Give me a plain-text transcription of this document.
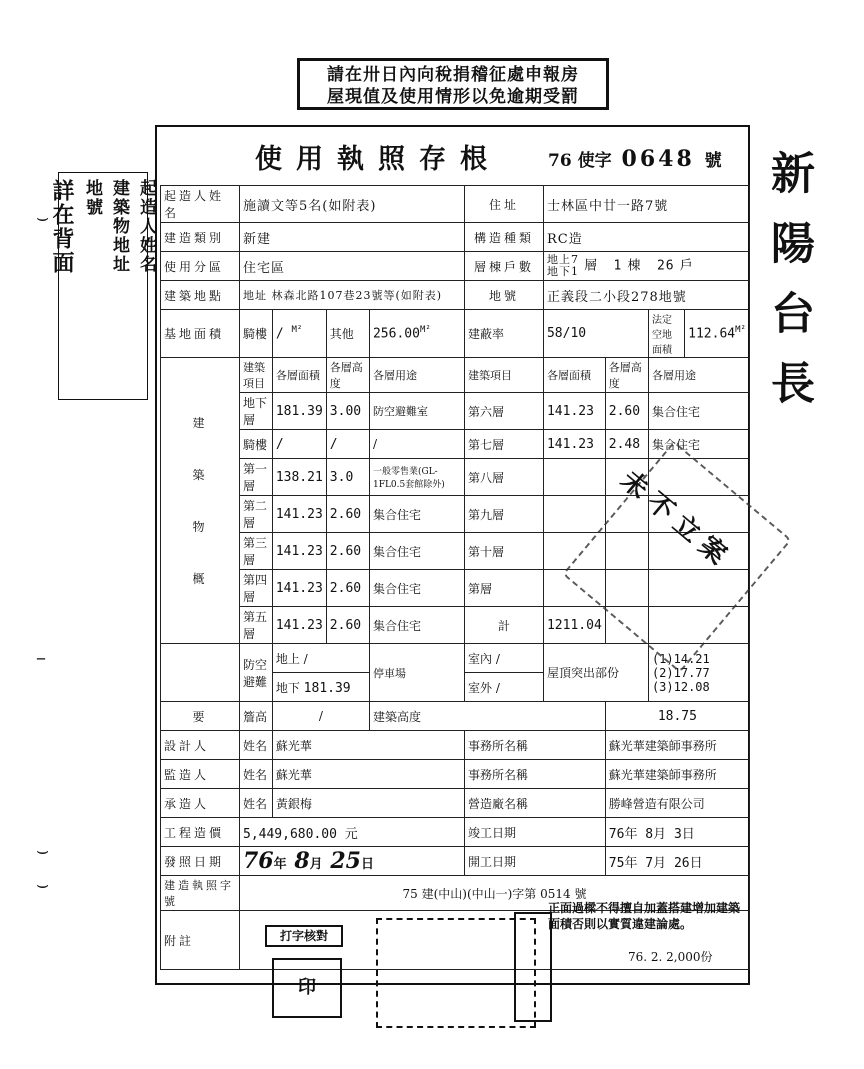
請在卅日內向稅捐稽征處申報房
屋現值及使用情形以免逾期受罰
起造人姓名
建築物地址
地號
詳在背面
⌣
–
⌣
⌣
使用執照存根	76 使字 0648 號 新陽台長
起造人姓名	施讀文等5名(如附表)				住址	士林區中廿一路7號			
建造類別	新建				構造種類	RC造			
使用分區	住宅區				層棟戶數	地上7
地下1 層 1 棟 26 戶			
建築地點	地址 林森北路107巷23號等(如附表)				地號	正義段二小段278地號			
基地面積	騎樓	/ $^{M^2}$	其他	$256.00^{M^2}$	建蔽率	58/10		法定空地面積	$112.64^{M^2}$

建
築
物
概	建築項目	各層面積	各層高度	各層用途	建築項目	各層面積	各層高度	各層用途	
	地下層	181.39	3.00	防空避難室	第六層	141.23	2.60	集合住宅	
	騎樓	/	/	/	第七層	141.23	2.48	集合住宅	
	第一層	138.21	3.0	一般零售業(GL-1FL0.5套館除外)	第八層				
	第二層	141.23	2.60	集合住宅	第九層				
	第三層	141.23	2.60	集合住宅	第十層				
	第四層	141.23	2.60	集合住宅	第層				
	第五層	141.23	2.60	集合住宅	計	1211.04			
	防空避難	地上 /		停車場	室內 /	屋頂突出部份		(1)14.21
(2)17.77
(3)12.08	

		地下 181.39			室外 /				
要	簷高	/		建築高度			18.75		
設計人	姓名	蘇光華			事務所名稱		蘇光華建築師事務所		
監造人	姓名	蘇光華			事務所名稱		蘇光華建築師事務所		
承造人	姓名	黃銀梅			營造廠名稱		勝峰營造有限公司		
工程造價	5,449,680.00 元				竣工日期		76年 8月 3日		
發照日期	76年 8月 25日				開工日期		75年 7月 26日		
建造執照字號	75 建(中山)(中山一)字第 0514 號								
附註										打字核對
印
正面過樑不得擅自加蓋搭建增加建築面積否則以實質違建論處。
76. 2. 2,000份
未不立案
